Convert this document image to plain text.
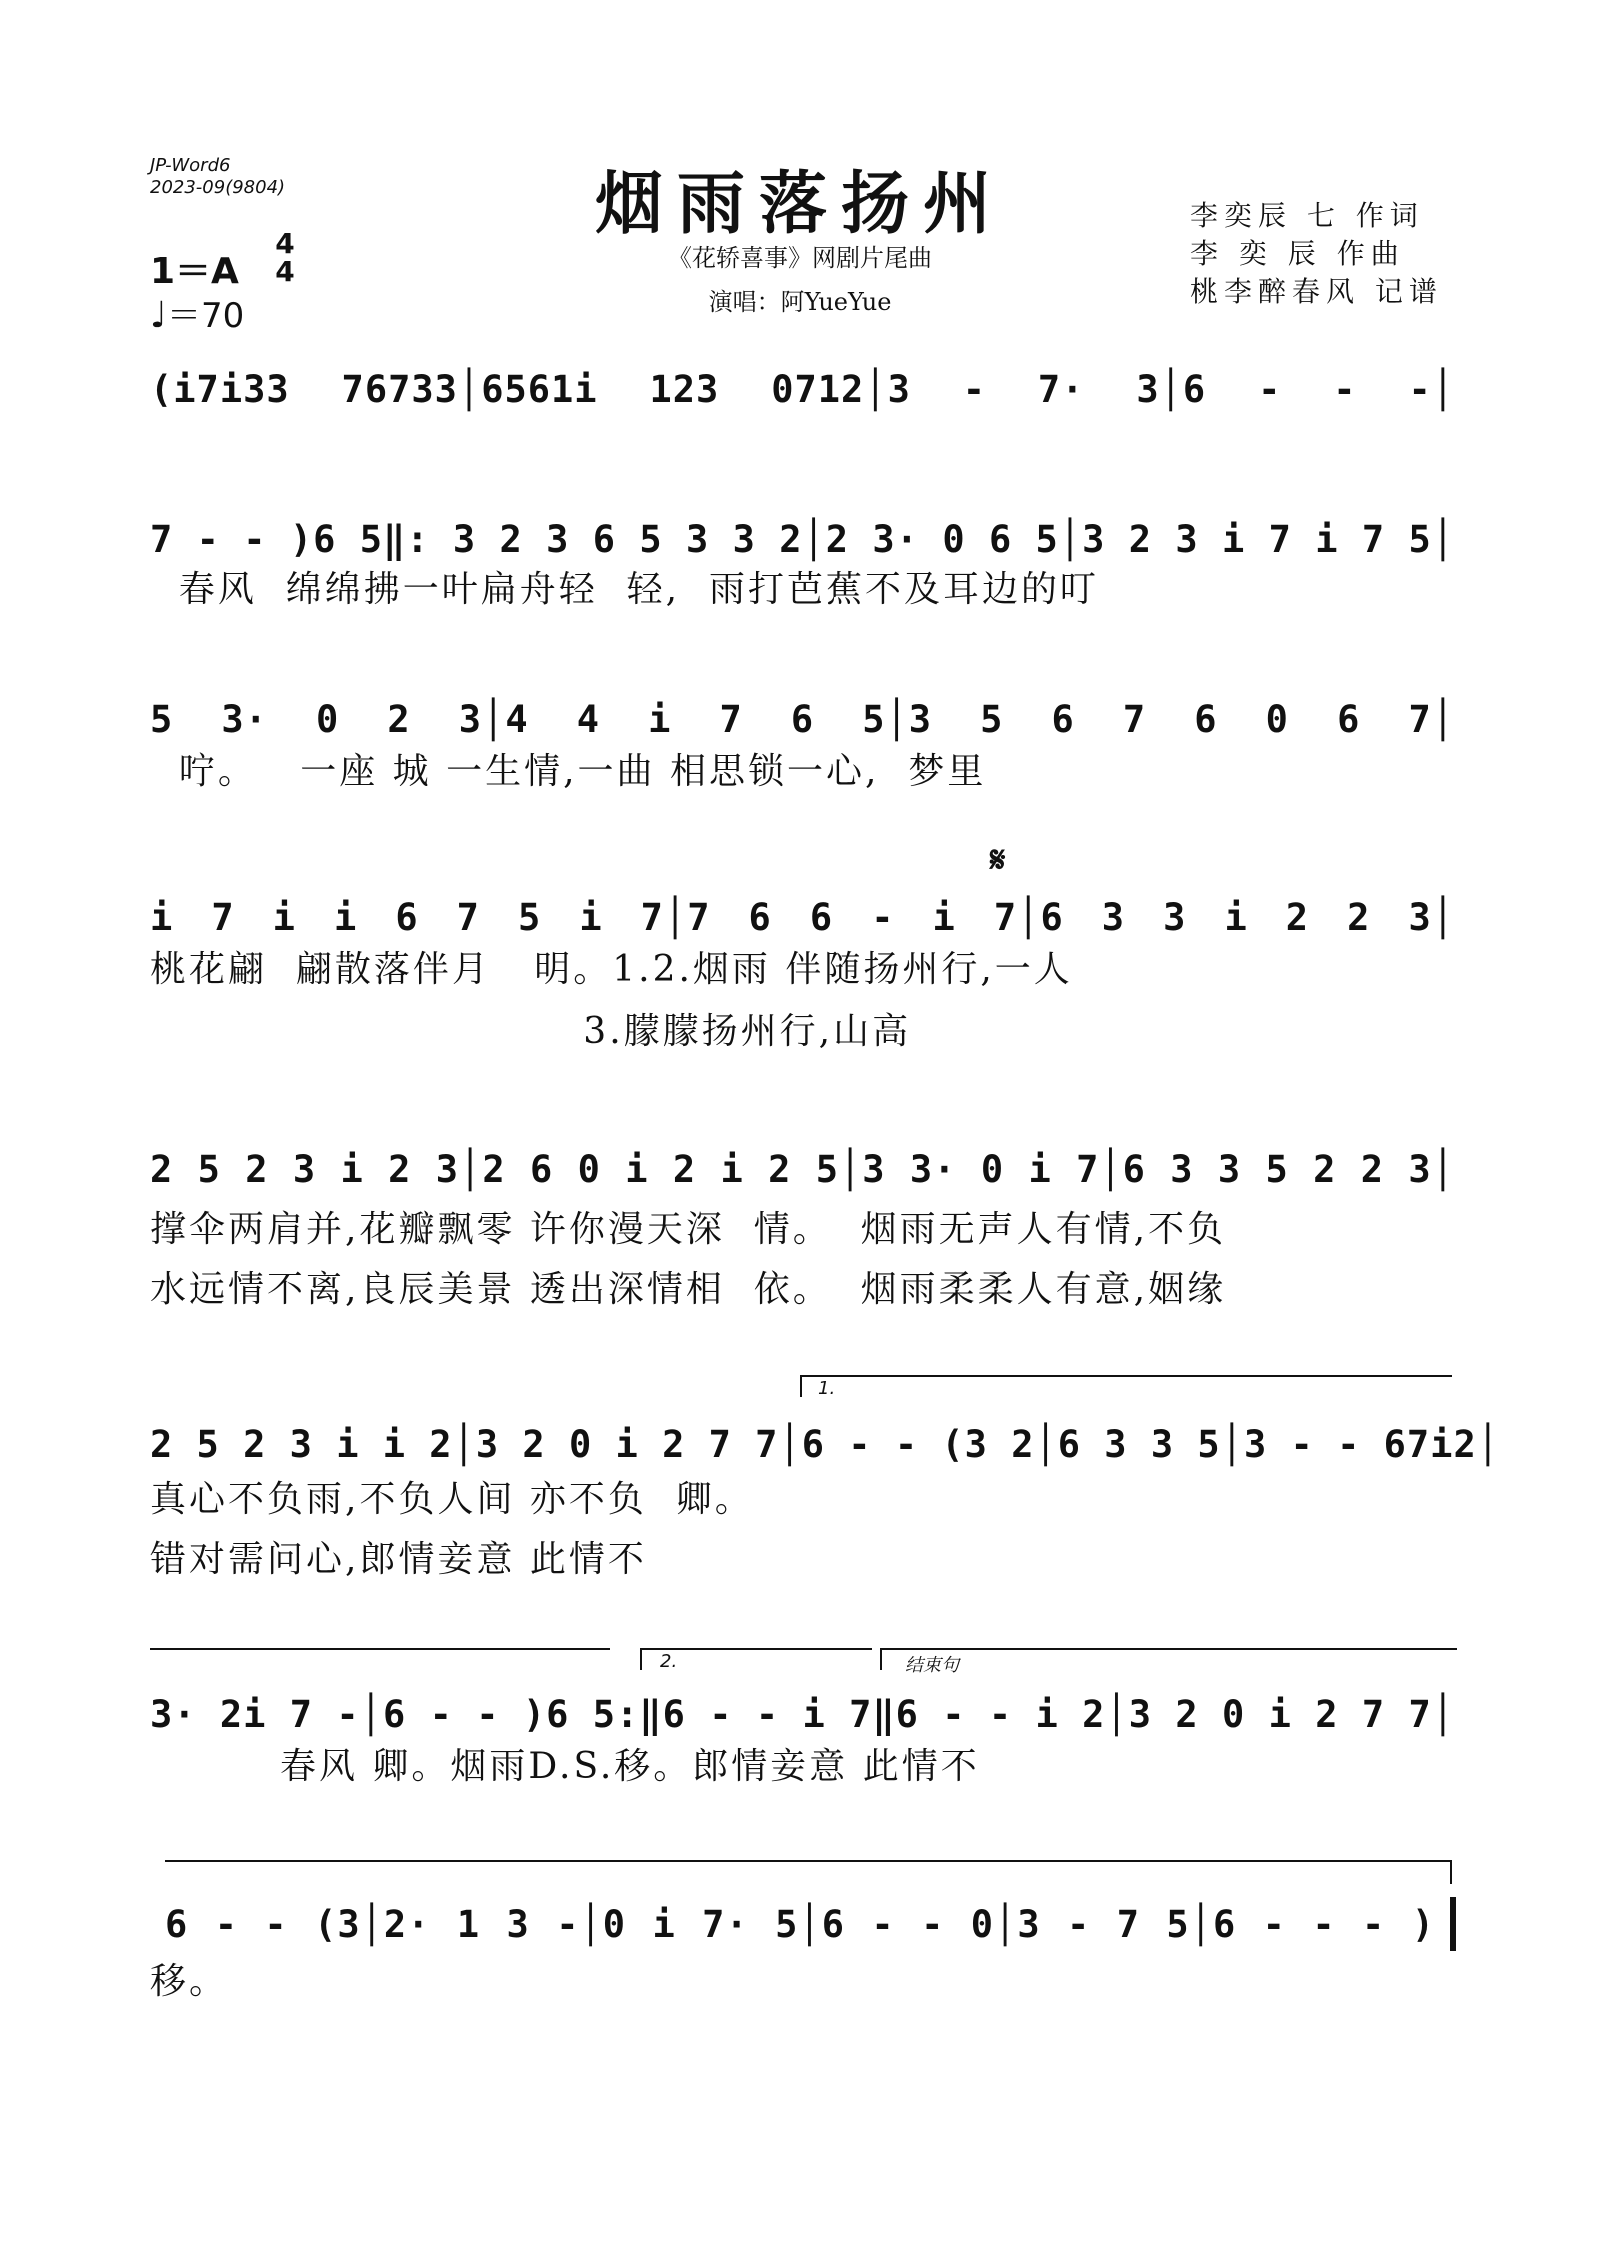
JP-Word6
2023-09(9804)	烟雨落扬州
《花轿喜事》网剧片尾曲
演唱：阿YueYue
李奕辰 七 作词
李 奕 辰 作曲
桃李醉春风 记谱
1＝A
4
4
♩＝70
(i7i33 76733│6561i 123 0712│3 - 7· 3│6 - - -│
7 - - )6 5‖: 3 2 3 6 5 3 3 2│2 3· 0 6 5│3 2 3 i 7 i 7 5│
春风  绵绵拂一叶扁舟轻  轻,  雨打芭蕉不及耳边的叮
5 3· 0 2 3│4 4 i 7 6 5│3 5 6 7 6 0 6 7│
咛。   一座 城 一生情,一曲 相思锁一心,  梦里
𝄋
i 7 i i 6 7 5 i 7│7 6 6 - i 7│6 3 3 i 2 2 3│
桃花翩  翩散落伴月   明。1.2.烟雨 伴随扬州行,一人
3.朦朦扬州行,山高
2 5 2 3 i 2 3│2 6 0 i 2 i 2 5│3 3· 0 i 7│6 3 3 5 2 2 3│
撑伞两肩并,花瓣飘零 许你漫天深  情。  烟雨无声人有情,不负
水远情不离,良辰美景 透出深情相  依。  烟雨柔柔人有意,姻缘
1.
2 5 2 3 i i 2│3 2 0 i 2 7 7│6 - - (3 2│6 3 3 5│3 - - 67i2│
真心不负雨,不负人间 亦不负  卿。
错对需问心,郎情妾意 此情不
2.	结束句
3· 2i 7 -│6 - - )6 5:‖6 - - i 7‖6 - - i 2│3 2 0 i 2 7 7│
春风 卿。烟雨D.S.移。郎情妾意 此情不
6 - - (3│2· 1 3 -│0 i 7· 5│6 - - 0│3 - 7 5│6 - - - )
移。
